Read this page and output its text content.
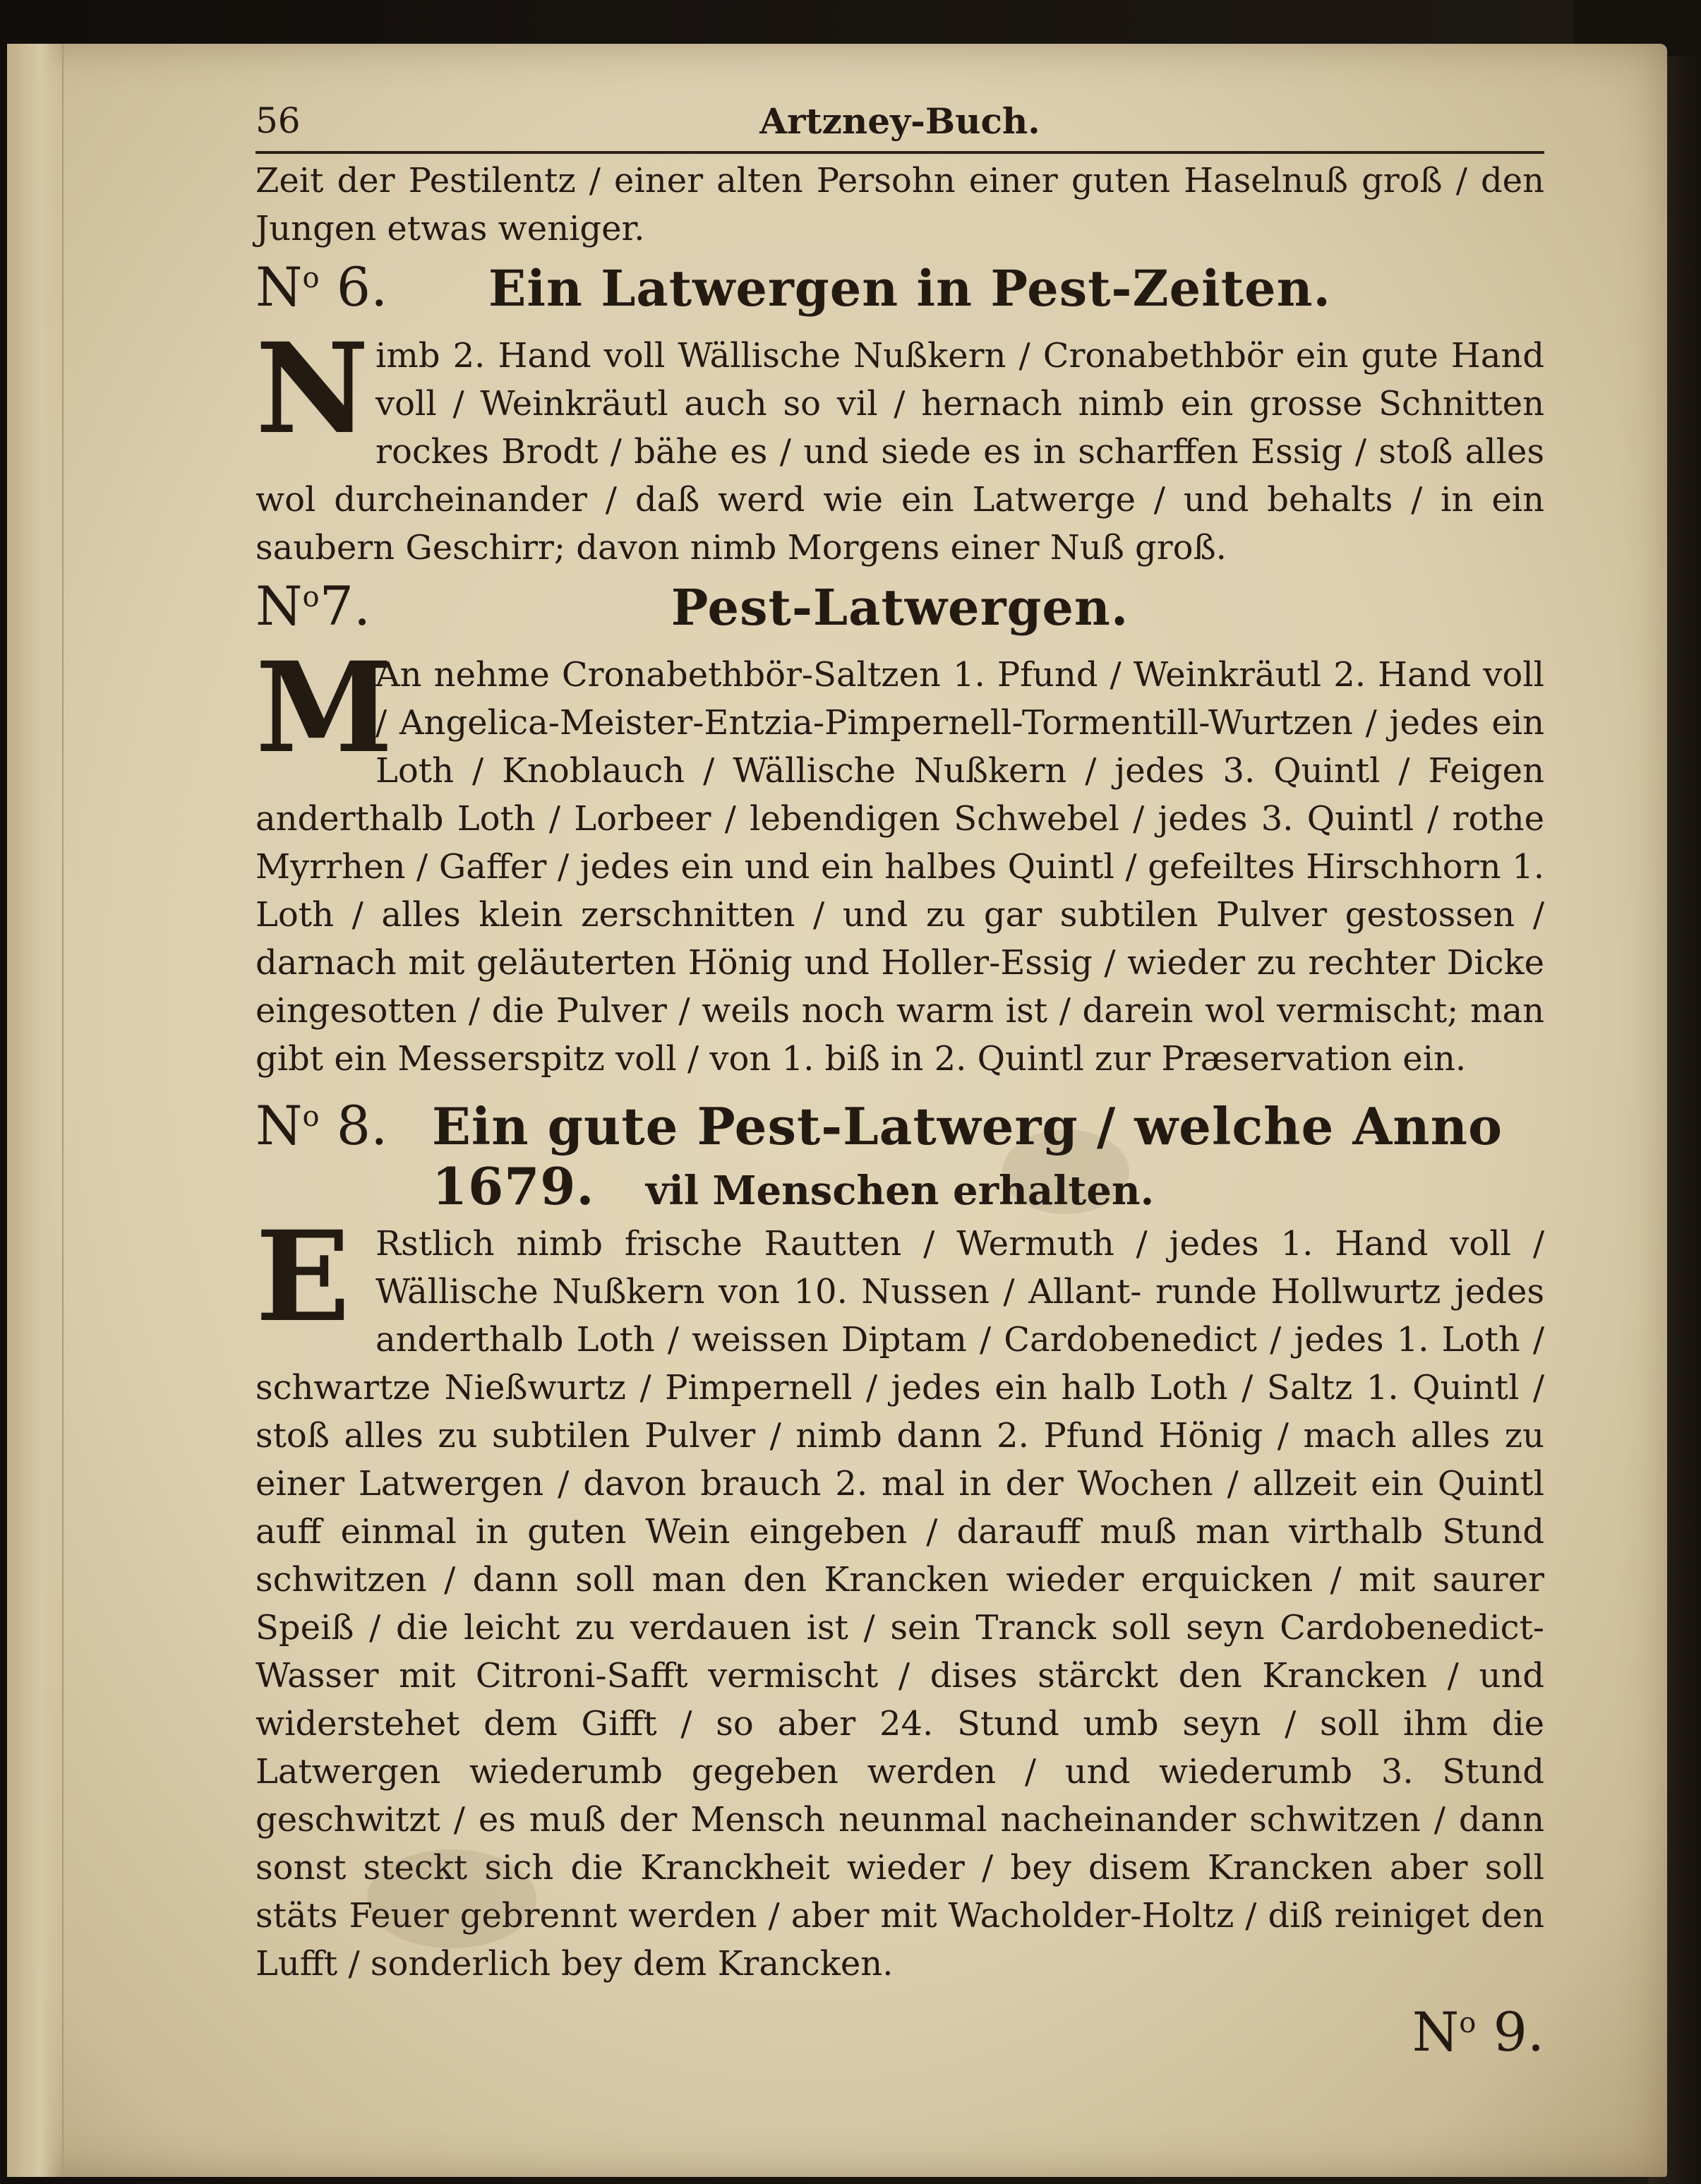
56	Artzney-Buch.

Zeit der Pestilentz / einer alten Persohn einer guten Haselnuß groß / den Jungen etwas weniger.

$N^o$ 6.	Ein Latwergen in Pest-Zeiten.

Nimb 2. Hand voll Wällische Nußkern / Cronabethbör ein gute Hand voll / Weinkräutl auch so vil / hernach nimb ein grosse Schnitten rockes Brodt / bähe es / und siede es in scharffen Essig / stoß alles wol durcheinander / daß werd wie ein Latwerge / und behalts / in ein saubern Geschirr; davon nimb Morgens einer Nuß groß.

$N^o7$.	Pest-Latwergen.

M
An nehme Cronabethbör-Saltzen 1. Pfund / Weinkräutl 2. Hand voll / Angelica-Meister-Entzia-Pimpernell-Tormentill-Wurtzen / jedes ein Loth / Knoblauch / Wällische Nußkern / jedes 3. Quintl / Feigen anderthalb Loth / Lorbeer / lebendigen Schwebel / jedes 3. Quintl / rothe Myrrhen / Gaffer / jedes ein und ein halbes Quintl / gefeiltes Hirschhorn 1. Loth / alles klein zerschnitten / und zu gar subtilen Pulver gestossen / darnach mit geläuterten Hönig und Holler-Essig / wieder zu rechter Dicke eingesotten / die Pulver / weils noch warm ist / darein wol vermischt; man gibt ein Messerspitz voll / von 1. biß in 2. Quintl zur Præservation ein.

$N^o$ 8. Ein gute Pest-Latwerg / welche Anno 1679.	vil Menschen erhalten.

E Rstlich nimb frische Rautten / Wermuth / jedes 1. Hand voll / Wällische Nußkern von 10. Nussen / Allant- runde Hollwurtz jedes anderthalb Loth / weissen Diptam / Cardobenedict / jedes 1. Loth / schwartze Nießwurtz / Pimpernell / jedes ein halb Loth / Saltz 1. Quintl / stoß alles zu subtilen Pulver / nimb dann 2. Pfund Hönig / mach alles zu einer Latwergen / davon brauch 2. mal in der Wochen / allzeit ein Quintl auff einmal in guten Wein eingeben / darauff muß man virthalb Stund schwitzen / dann soll man den Krancken wieder erquicken / mit saurer Speiß / die leicht zu verdauen ist / sein Tranck soll seyn Cardobenedict-Wasser mit Citroni-Safft vermischt / dises stärckt den Krancken / und widerstehet dem Gifft / so aber 24. Stund umb seyn / soll ihm die Latwergen wiederumb gegeben werden / und wiederumb 3. Stund geschwitzt / es muß der Mensch neunmal nacheinander schwitzen / dann sonst steckt sich die Kranckheit wieder / bey disem Krancken aber soll stäts Feuer gebrennt werden / aber mit Wacholder-Holtz / diß reiniget den Lufft / sonderlich bey dem Krancken.

$N^o$ 9.
